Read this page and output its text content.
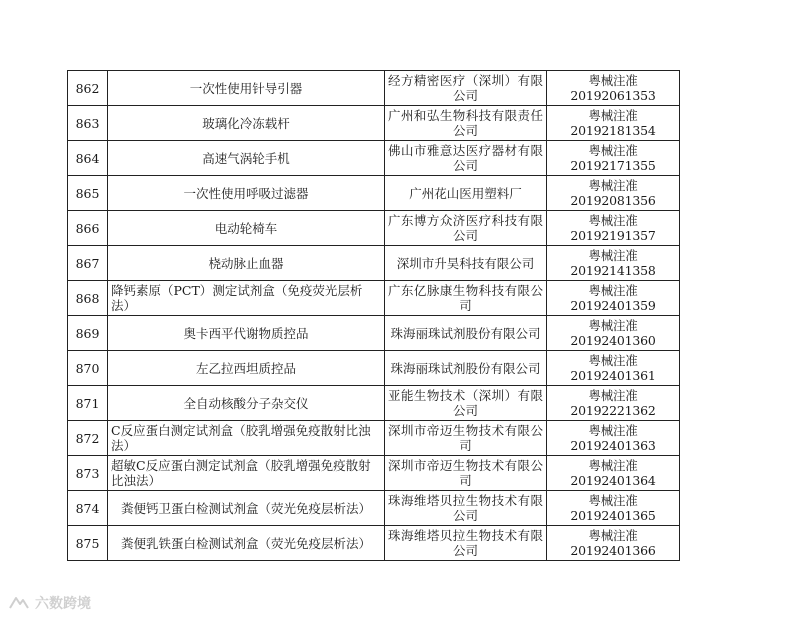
862	一次性使用针导引器	经方精密医疗（深圳）有限公司	粤械注准20192061353
863	玻璃化冷冻载杆	广州和弘生物科技有限责任公司	粤械注准20192181354
864	高速气涡轮手机	佛山市雅意达医疗器材有限公司	粤械注准20192171355
865	一次性使用呼吸过滤器	广州花山医用塑料厂	粤械注准20192081356
866	电动轮椅车	广东博方众济医疗科技有限公司	粤械注准20192191357
867	桡动脉止血器	深圳市升昊科技有限公司	粤械注准20192141358
868	降钙素原（PCT）测定试剂盒（免疫荧光层析法）	广东亿脉康生物科技有限公司	粤械注准20192401359
869	奥卡西平代谢物质控品	珠海丽珠试剂股份有限公司	粤械注准20192401360
870	左乙拉西坦质控品	珠海丽珠试剂股份有限公司	粤械注准20192401361
871	全自动核酸分子杂交仪	亚能生物技术（深圳）有限公司	粤械注准20192221362
872	C反应蛋白测定试剂盒（胶乳增强免疫散射比浊法）	深圳市帝迈生物技术有限公司	粤械注准20192401363
873	超敏C反应蛋白测定试剂盒（胶乳增强免疫散射比浊法）	深圳市帝迈生物技术有限公司	粤械注准20192401364
874	粪便钙卫蛋白检测试剂盒（荧光免疫层析法）	珠海维塔贝拉生物技术有限公司	粤械注准20192401365
875	粪便乳铁蛋白检测试剂盒（荧光免疫层析法）	珠海维塔贝拉生物技术有限公司	粤械注准20192401366
六数跨境
